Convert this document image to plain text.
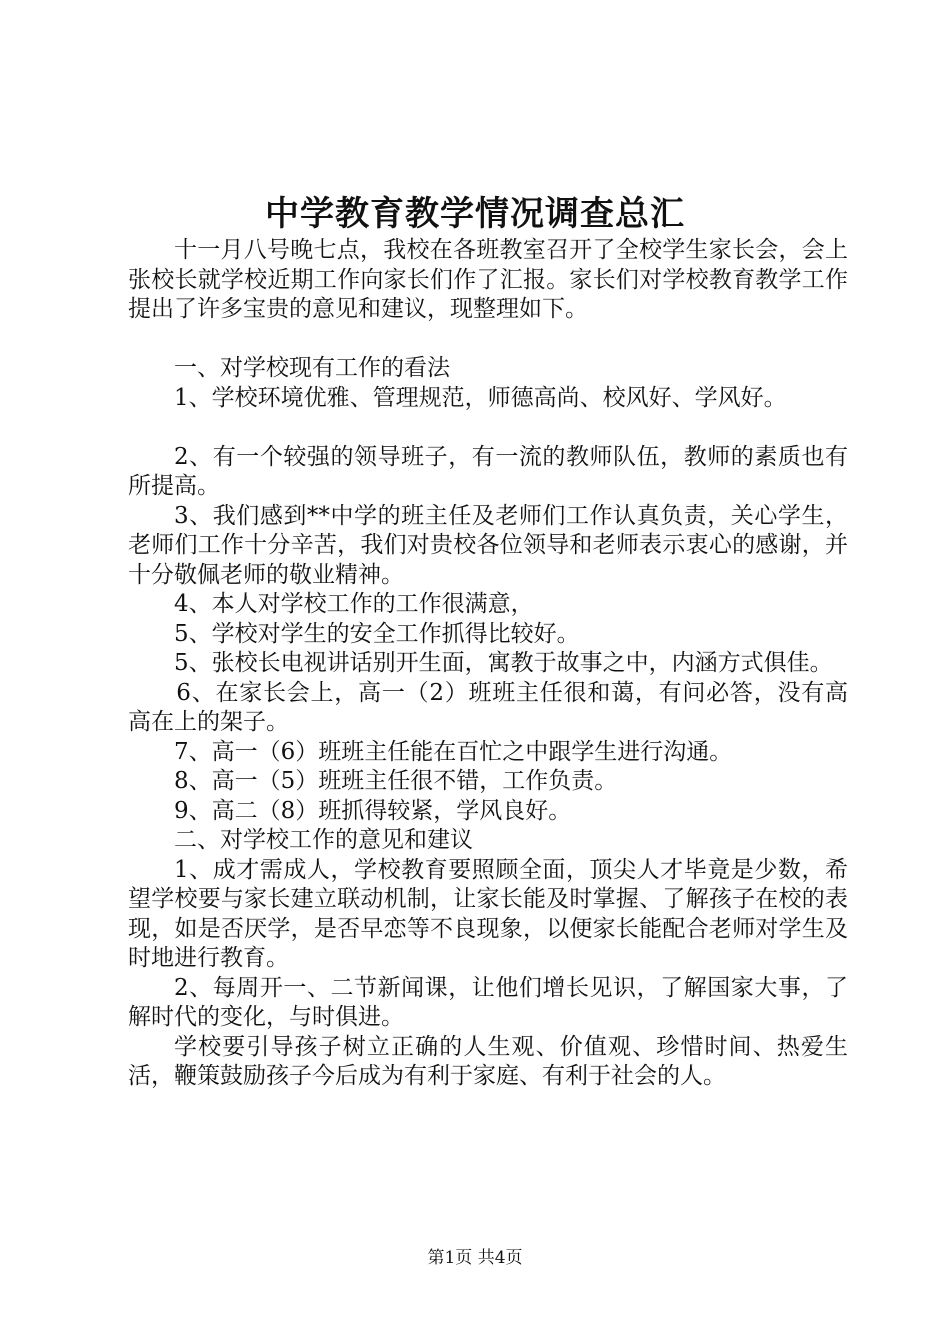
中学教育教学情况调查总汇

十一月八号晚七点，我校在各班教室召开了全校学生家长会，会上张校长就学校近期工作向家长们作了汇报。家长们对学校教育教学工作提出了许多宝贵的意见和建议，现整理如下。

一、对学校现有工作的看法

1、学校环境优雅、管理规范，师德高尚、校风好、学风好。

2、有一个较强的领导班子，有一流的教师队伍，教师的素质也有所提高。

3、我们感到**中学的班主任及老师们工作认真负责，关心学生，老师们工作十分辛苦，我们对贵校各位领导和老师表示衷心的感谢，并十分敬佩老师的敬业精神。

4、本人对学校工作的工作很满意，

5、学校对学生的安全工作抓得比较好。

5、张校长电视讲话别开生面，寓教于故事之中，内涵方式俱佳。

6、在家长会上，高一（2）班班主任很和蔼，有问必答，没有高高在上的架子。

7、高一（6）班班主任能在百忙之中跟学生进行沟通。

8、高一（5）班班主任很不错，工作负责。

9、高二（8）班抓得较紧，学风良好。

二、对学校工作的意见和建议

1、成才需成人，学校教育要照顾全面，顶尖人才毕竟是少数，希望学校要与家长建立联动机制，让家长能及时掌握、了解孩子在校的表现，如是否厌学，是否早恋等不良现象，以便家长能配合老师对学生及时地进行教育。

2、每周开一、二节新闻课，让他们增长见识，了解国家大事，了解时代的变化，与时俱进。

学校要引导孩子树立正确的人生观、价值观、珍惜时间、热爱生活，鞭策鼓励孩子今后成为有利于家庭、有利于社会的人。

第1页 共4页
